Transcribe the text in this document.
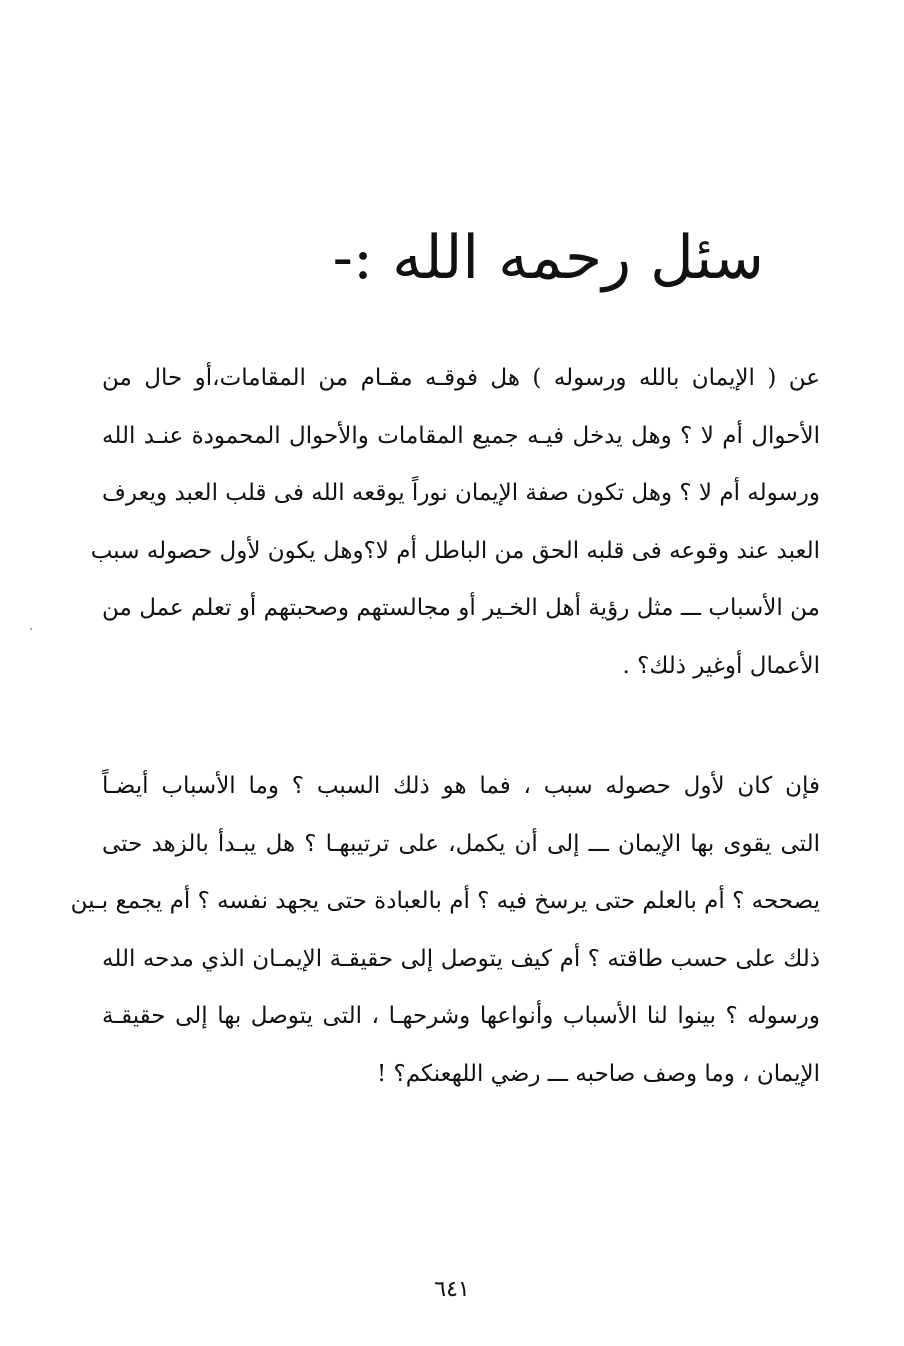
سئل رحمه الله :-
عن ( الإيمان بالله ورسوله ) هل فوقـه مقـام من المقامات،أو حال من
الأحوال أم لا ؟ وهل يدخل فيـه جميع المقامات والأحوال المحمودة عنـد الله
ورسوله أم لا ؟ وهل تكون صفة الإيمان نوراً يوقعه الله فى قلب العبد ويعرف
العبد عند وقوعه فى قلبه الحق من الباطل أم لا؟وهل يكون لأول حصوله سبب
من الأسباب ـــ مثل رؤية أهل الخـير أو مجالستهم وصحبتهم أو تعلم عمل من
الأعمال أوغير ذلك؟ .
فإن كان لأول حصوله سبب ، فما هو ذلك السبب ؟ وما الأسباب أيضـاً
التى يقوى بها الإيمان ـــ إلى أن يكمل، على ترتيبهـا ؟ هل يبـدأ بالزهد حتى
يصححه ؟ أم بالعلم حتى يرسخ فيه ؟ أم بالعبادة حتى يجهد نفسه ؟ أم يجمع بـين
ذلك على حسب طاقته ؟ أم كيف يتوصل إلى حقيقـة الإيمـان الذي مدحه الله
ورسوله ؟ بينوا لنا الأسباب وأنواعها وشرحهـا ، التى يتوصل بها إلى حقيقـة
الإيمان ، وما وصف صاحبه ـــ رضي اللهعنكم؟ !
٦٤١
